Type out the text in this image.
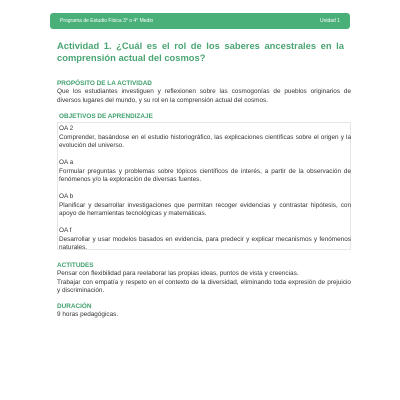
Programa de Estudio Física 3° o 4° Medio	Unidad 1
Actividad 1. ¿Cuál es el rol de los saberes ancestrales en la comprensión actual del cosmos?
PROPÓSITO DE LA ACTIVIDAD
Que los estudiantes investiguen y reflexionen sobre las cosmogonías de pueblos originarios de diversos lugares del mundo, y su rol en la comprensión actual del cosmos.
OBJETIVOS DE APRENDIZAJE
OA 2
Comprender, basándose en el estudio historiográfico, las explicaciones científicas sobre el origen y la evolución del universo.
OA a
Formular preguntas y problemas sobre tópicos científicos de interés, a partir de la observación de fenómenos y/o la exploración de diversas fuentes.
OA b
Planificar y desarrollar investigaciones que permitan recoger evidencias y contrastar hipótesis, con apoyo de herramientas tecnológicas y matemáticas.
OA f
Desarrollar y usar modelos basados en evidencia, para predecir y explicar mecanismos y fenómenos naturales.
ACTITUDES
Pensar con flexibilidad para reelaborar las propias ideas, puntos de vista y creencias.
Trabajar con empatía y respeto en el contexto de la diversidad, eliminando toda expresión de prejuicio y discriminación.
DURACIÓN
9 horas pedagógicas.
